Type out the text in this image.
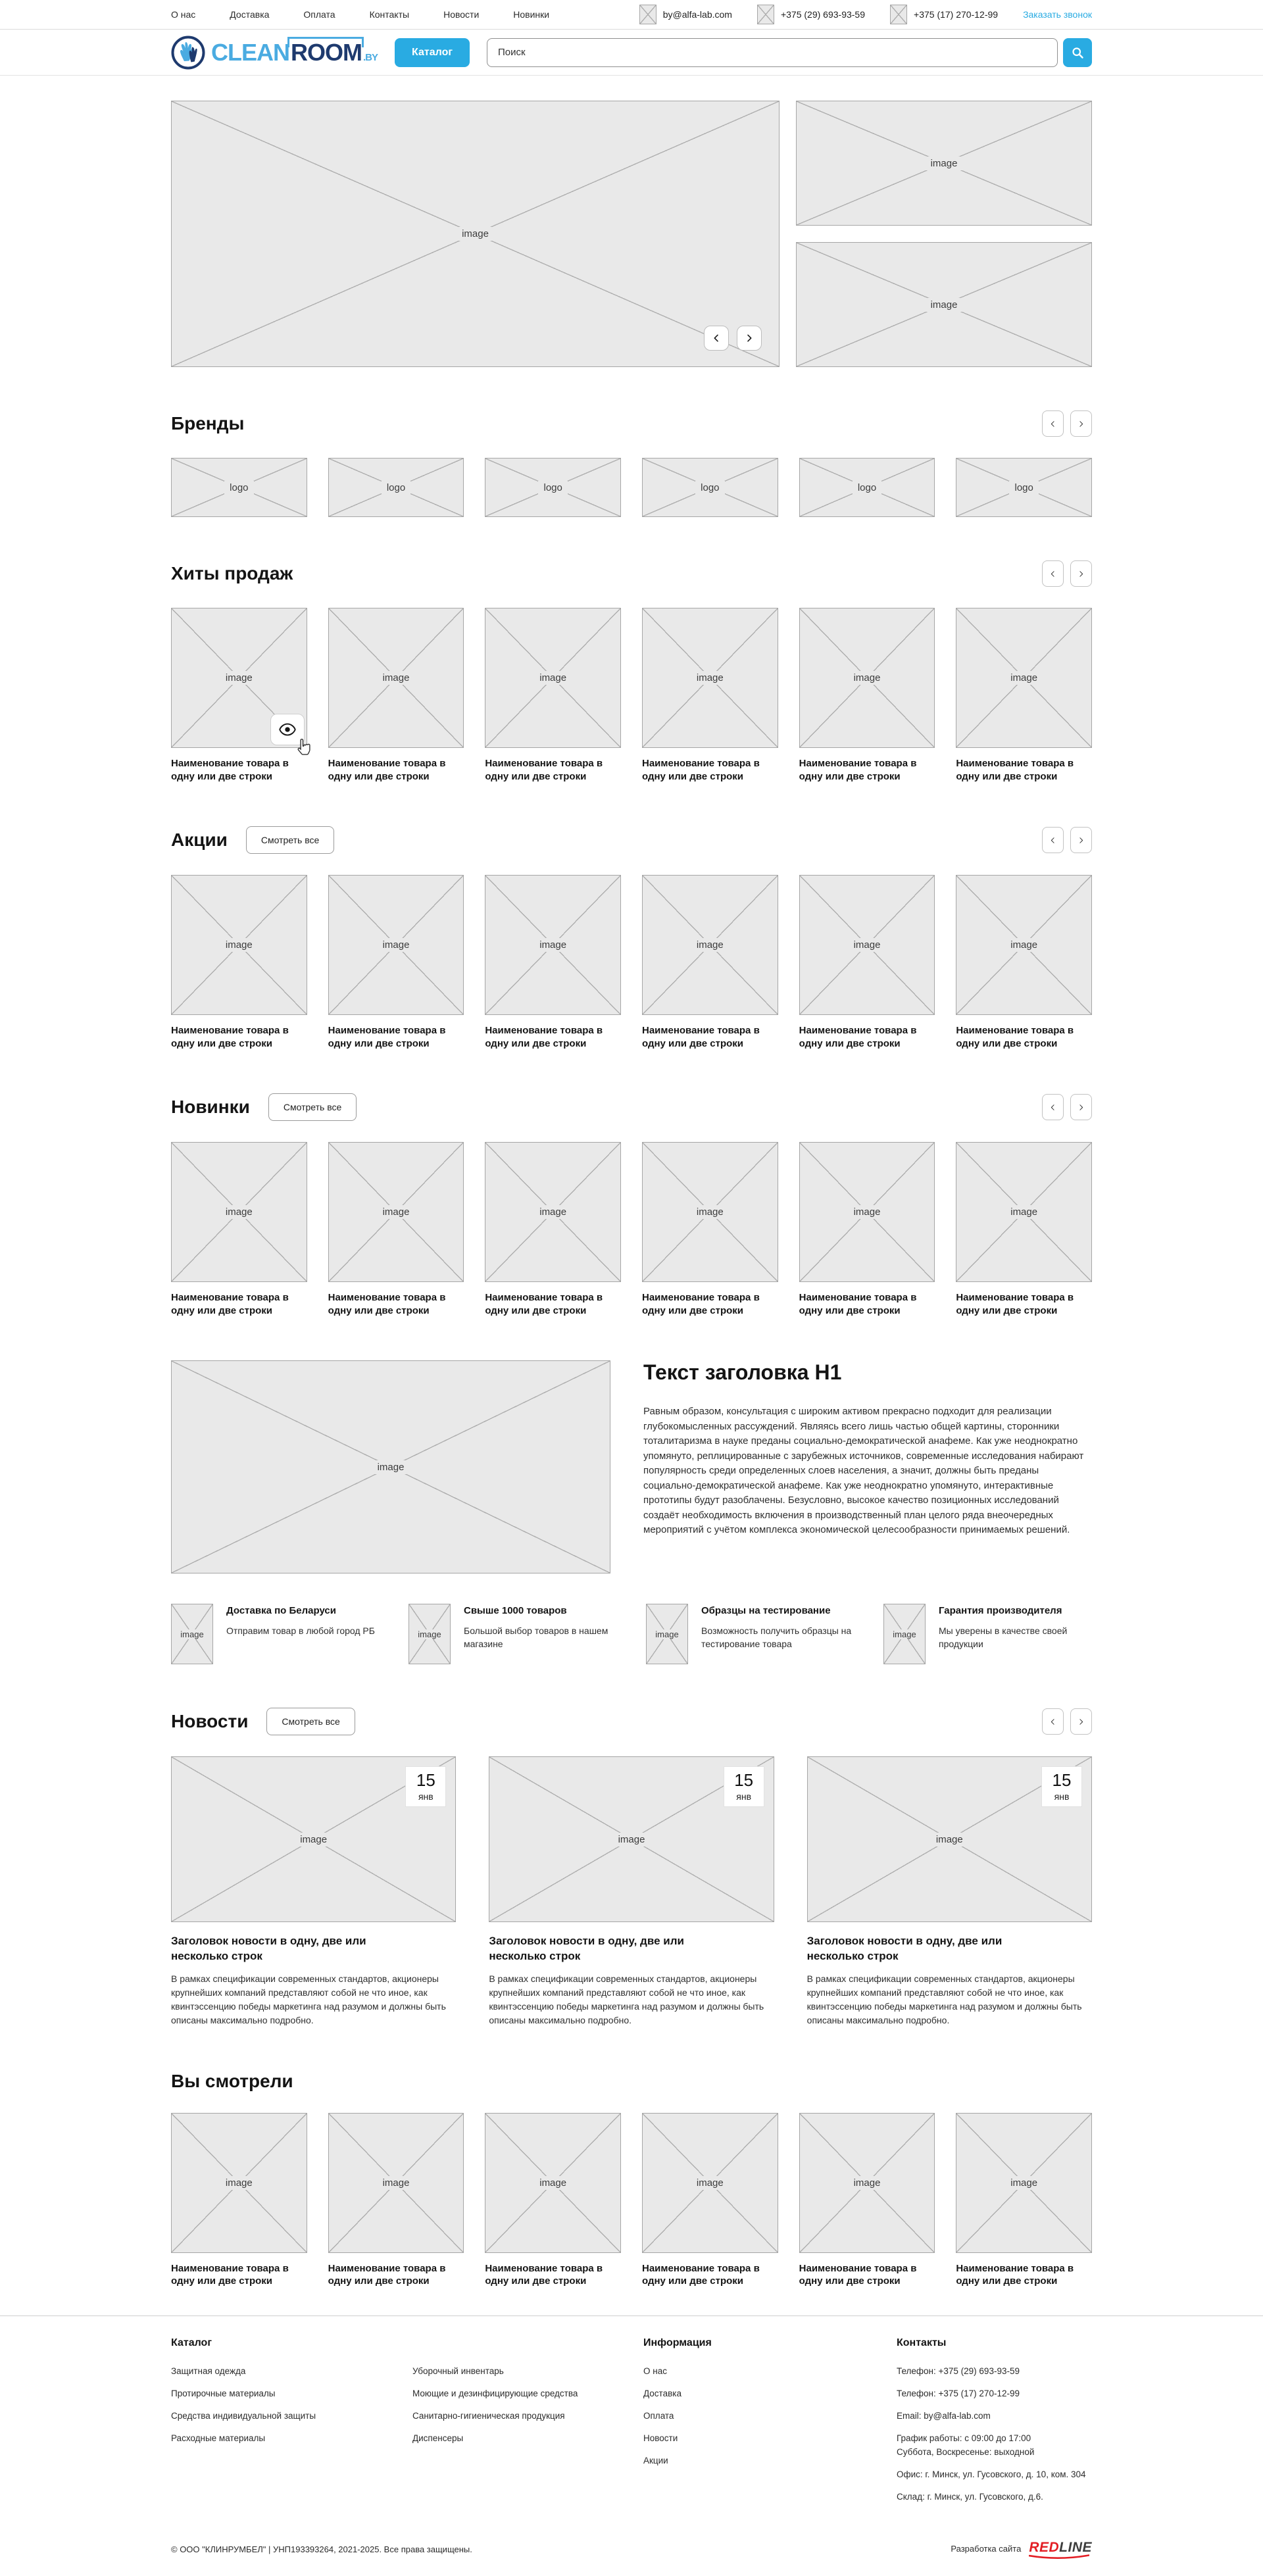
О нас	Доставка	Оплата	Контакты	Новости	Новинки	by@alfa-lab.com	+375 (29) 693-93-59	+375 (17) 270-12-99	Заказать звонок
CLEAN ROOM .BY	Каталог
Поиск
image
image
image
Бренды
logo	logo	logo	logo	logo	logo
Хиты продаж
image
Наименование товара в одну или две строки
image
Наименование товара в одну или две строки
image
Наименование товара в одну или две строки
image
Наименование товара в одну или две строки
image
Наименование товара в одну или две строки
image
Наименование товара в одну или две строки
Акции	Смотреть все
image
Наименование товара в одну или две строки
image
Наименование товара в одну или две строки
image
Наименование товара в одну или две строки
image
Наименование товара в одну или две строки
image
Наименование товара в одну или две строки
image
Наименование товара в одну или две строки
Новинки	Смотреть все
image
Наименование товара в одну или две строки
image
Наименование товара в одну или две строки
image
Наименование товара в одну или две строки
image
Наименование товара в одну или две строки
image
Наименование товара в одну или две строки
image
Наименование товара в одну или две строки
image
Текст заголовка H1

Равным образом, консультация с широким активом прекрасно подходит для реализации глубокомысленных рассуждений. Являясь всего лишь частью общей картины, сторонники тоталитаризма в науке преданы социально-демократической анафеме. Как уже неоднократно упомянуто, реплицированные с зарубежных источников, современные исследования набирают популярность среди определенных слоев населения, а значит, должны быть преданы социально-демократической анафеме. Как уже неоднократно упомянуто, интерактивные прототипы будут разоблачены. Безусловно, высокое качество позиционных исследований создаёт необходимость включения в производственный план целого ряда внеочередных мероприятий с учётом комплекса экономической целесообразности принимаемых решений.

image
Доставка по Беларуси

Отправим товар в любой город РБ	image
Свыше 1000 товаров

Большой выбор товаров в нашем магазине

image
Образцы на тестирование

Возможность получить образцы на тестирование товара

image
Гарантия производителя

Мы уверены в качестве своей продукции

Новости	Смотреть все
image
15
янв
Заголовок новости в одну, две или несколько строк
В рамках спецификации современных стандартов, акционеры крупнейших компаний представляют собой не что иное, как квинтэссенцию победы маркетинга над разумом и должны быть описаны максимально подробно.
image
15
янв
Заголовок новости в одну, две или несколько строк
В рамках спецификации современных стандартов, акционеры крупнейших компаний представляют собой не что иное, как квинтэссенцию победы маркетинга над разумом и должны быть описаны максимально подробно.
image
15
янв
Заголовок новости в одну, две или несколько строк
В рамках спецификации современных стандартов, акционеры крупнейших компаний представляют собой не что иное, как квинтэссенцию победы маркетинга над разумом и должны быть описаны максимально подробно.
Вы смотрели
image
Наименование товара в одну или две строки
image
Наименование товара в одну или две строки
image
Наименование товара в одну или две строки
image
Наименование товара в одну или две строки
image
Наименование товара в одну или две строки
image
Наименование товара в одну или две строки
Каталог
Защитная одежда
Протирочные материалы
Средства индивидуальной защиты
Расходные материалы
Уборочный инвентарь
Моющие и дезинфицирующие средства
Санитарно-гигиеническая продукция
Диспенсеры
Информация
О нас
Доставка
Оплата
Новости
Акции
Контакты
Телефон: +375 (29) 693-93-59
Телефон: +375 (17) 270-12-99
Email: by@alfa-lab.com
График работы: с 09:00 до 17:00
Суббота, Воскресенье: выходной
Офис: г. Минск, ул. Гусовского, д. 10, ком. 304
Склад: г. Минск, ул. Гусовского, д.6.
© ООО "КЛИНРУМБЕЛ" | УНП193393264, 2021-2025. Все права защищены.	Разработка сайта REDLINE
